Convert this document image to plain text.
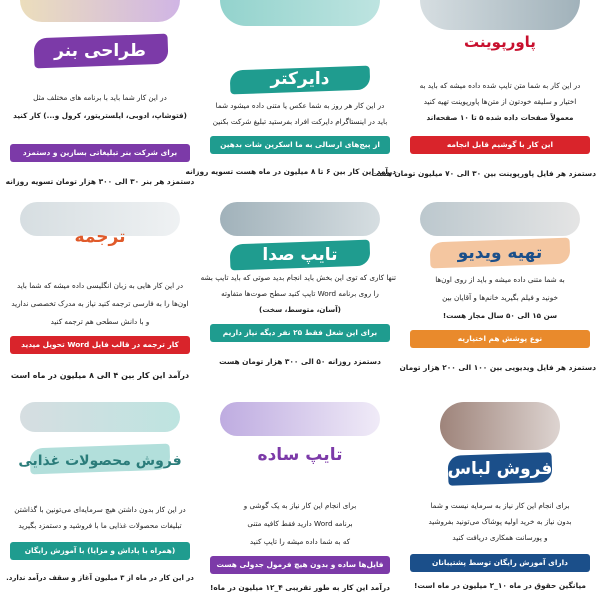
پاورپوینت
در این کار به شما متن تایپ شده داده میشه که باید به
اختیار و سلیقه خودتون از متن‌ها پاورپوینت تهیه کنید
معمولاً صفحات داده شده ۵ تا ۱۰ صفحه‌اند
این کار با گوشیم قابل انجامه
دستمزد هر فایل پاورپوینت بین ۳۰ الی ۷۰ میلیون تومان هست
دایرکتر
در این کار هر روز به شما عکس یا متنی داده میشود شما
باید در اینستاگرام دایرکت افراد بفرستید تبلیغ شرکت بکنین
از پیج‌های ارسالی به ما اسکرین شات بدهین
درآمد این کار بین ۶ تا ۸ میلیون در ماه هست تسویه روزانه
طراحی بنر
در این کار شما باید با برنامه های مختلف مثل
(فتوشاپ، ادوبی، ایلستریتور، کرول و...) کار کنید
برای شرکت بنر تبلیغاتی بسازین و دستمزد بگیرین
دستمزد هر بنر ۳۰ الی ۳۰۰ هزار تومان تسویه روزانه
تهیه ویدیو
به شما متنی داده میشه و باید از روی اون‌ها
خونید و فیلم بگیرید خانم‌ها و آقایان بین
سن ۱۵ الی ۵۰ سال مجاز هست!
نوع پوشش هم اختیاریه
دستمزد هر فایل ویدیویی بین ۱۰۰ الی ۲۰۰ هزار تومان
تایپ صدا
تنها کاری که توی این بخش باید انجام بدید صوتی که باید تایپ بشه
را روی برنامه Word تایپ کنید سطح صوت‌ها متفاوته
(آسان، متوسط، سخت)
برای این شغل فقط ۲۵ نفر دیگه نیاز داریم
دستمزد روزانه ۵۰ الی ۳۰۰ هزار تومان هست
ترجمه
در این کار هایی به زبان انگلیسی داده میشه که شما باید
اون‌ها را به فارسی ترجمه کنید نیاز به مدرک تخصصی ندارید
و با دانش سطحی هم ترجمه کنید
کار ترجمه در قالب فایل Word تحویل میدید
درآمد این کار بین ۴ الی ۸ میلیون در ماه است
فروش لباس
برای انجام این کار نیاز به سرمایه نیست و شما
بدون نیاز به خرید اولیه پوشاک می‌تونید بفروشید
و پورسانت همکاری دریافت کنید
دارای آموزش رایگان توسط پشتیبانان
میانگین حقوق در ماه ۱۰_۲ میلیون در ماه است!
تایپ ساده
برای انجام این کار نیاز به یک گوشی و
برنامه Word دارید فقط کافیه متنی
که به شما داده میشه را تایپ کنید
فایل‌ها ساده و بدون هیچ فرمول جدولی هست
درآمد این کار به طور تقریبی ۴_۱۲ میلیون در ماه!
فروش محصولات غذایی
در این کار بدون داشتن هیچ سرمایه‌ای می‌تونین با گذاشتن
تبلیغات محصولات غذایی ما با فروشید و دستمزد بگیرید
(همراه با پاداش و مزایا) با آموزش رایگان
در این کار در ماه از ۳ میلیون آغاز و سقف درآمد ندارد.
